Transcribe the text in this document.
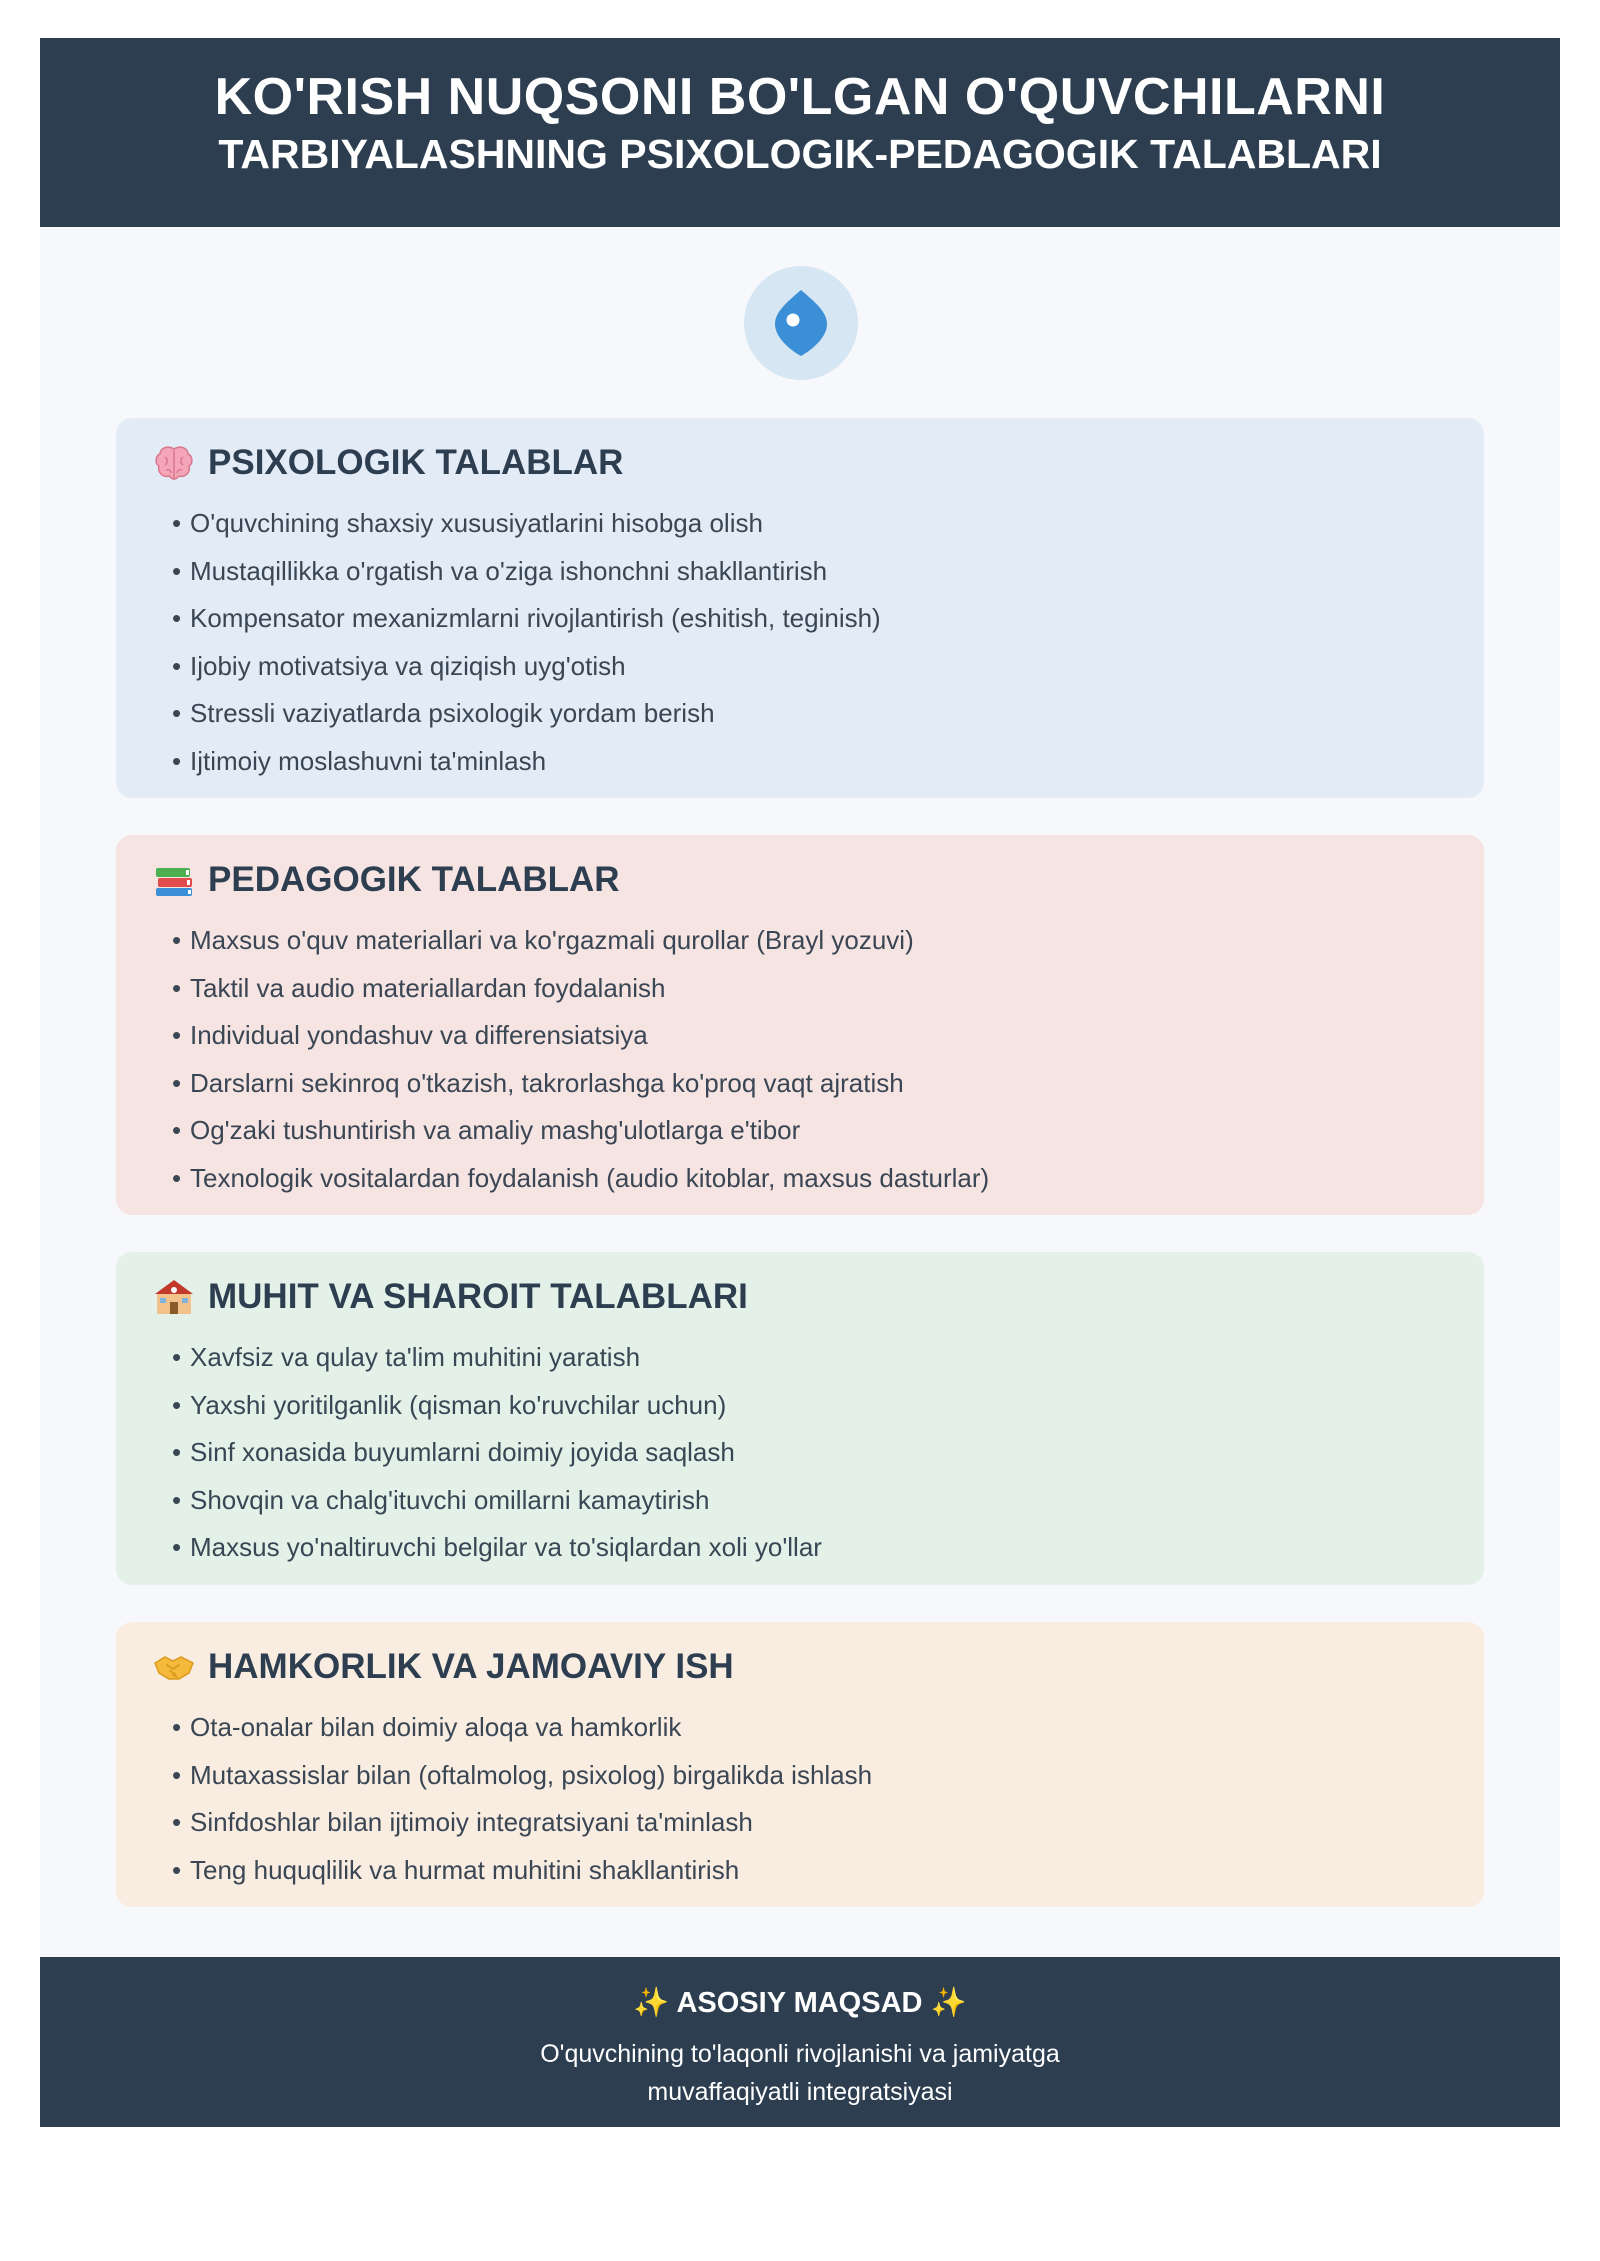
KO'RISH NUQSONI BO'LGAN O'QUVCHILARNI
TARBIYALASHNING PSIXOLOGIK-PEDAGOGIK TALABLARI
PSIXOLOGIK TALABLAR
• O'quvchining shaxsiy xususiyatlarini hisobga olish
• Mustaqillikka o'rgatish va o'ziga ishonchni shakllantirish
• Kompensator mexanizmlarni rivojlantirish (eshitish, teginish)
• Ijobiy motivatsiya va qiziqish uyg'otish
• Stressli vaziyatlarda psixologik yordam berish
• Ijtimoiy moslashuvni ta'minlash
PEDAGOGIK TALABLAR
• Maxsus o'quv materiallari va ko'rgazmali qurollar (Brayl yozuvi)
• Taktil va audio materiallardan foydalanish
• Individual yondashuv va differensiatsiya
• Darslarni sekinroq o'tkazish, takrorlashga ko'proq vaqt ajratish
• Og'zaki tushuntirish va amaliy mashg'ulotlarga e'tibor
• Texnologik vositalardan foydalanish (audio kitoblar, maxsus dasturlar)
MUHIT VA SHAROIT TALABLARI
• Xavfsiz va qulay ta'lim muhitini yaratish
• Yaxshi yoritilganlik (qisman ko'ruvchilar uchun)
• Sinf xonasida buyumlarni doimiy joyida saqlash
• Shovqin va chalg'ituvchi omillarni kamaytirish
• Maxsus yo'naltiruvchi belgilar va to'siqlardan xoli yo'llar
HAMKORLIK VA JAMOAVIY ISH
• Ota-onalar bilan doimiy aloqa va hamkorlik
• Mutaxassislar bilan (oftalmolog, psixolog) birgalikda ishlash
• Sinfdoshlar bilan ijtimoiy integratsiyani ta'minlash
• Teng huquqlilik va hurmat muhitini shakllantirish
✨ ASOSIY MAQSAD ✨
O'quvchining to'laqonli rivojlanishi va jamiyatga
muvaffaqiyatli integratsiyasi
